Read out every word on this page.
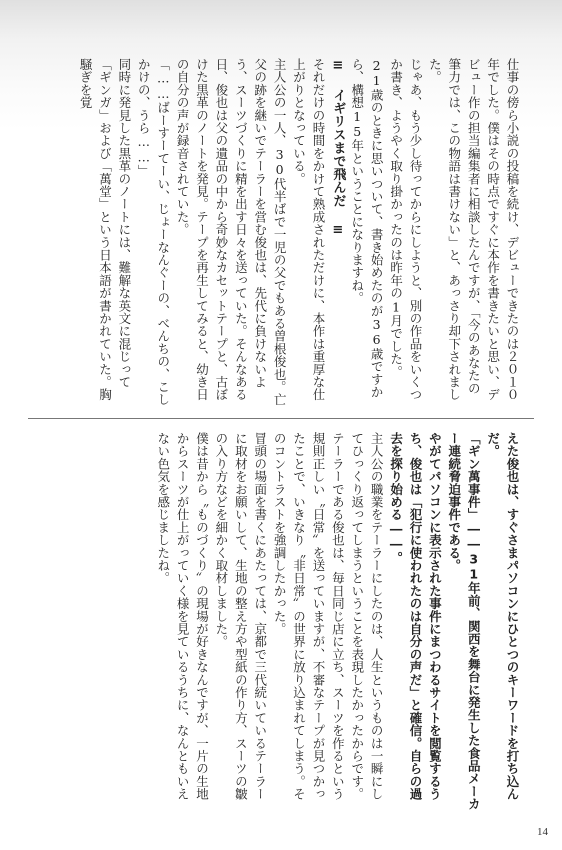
仕事の傍ら小説の投稿を続け、デビューできたのは２０１０年でした。僕はその時点ですぐに本作を書きたいと思い、デビュー作の担当編集者に相談したんですが、「今のあなたの筆力では、この物語は書けない」と、あっさり却下されました。

じゃあ、もう少し待ってからにしようと、別の作品をいくつか書き、ようやく取り掛かったのは昨年の1月でした。21歳のときに思いついて、書き始めたのが36歳ですから、構想15年ということになりますね。

≡ イギリスまで飛んだ ≡

それだけの時間をかけて熟成されただけに、本作は重厚な仕上がりとなっている。

主人公の一人、30代半ばで一児の父でもある曽根俊也。亡父の跡を継いでテーラーを営む俊也は、先代に負けないよう、スーツづくりに精を出す日々を送っていた。そんなある日、俊也は父の遺品の中から奇妙なカセットテープと、古ぼけた黒革のノートを発見。テープを再生してみると、幼き日の自分の声が録音されていた。

「……ばーすーてーい、じょーなんぐーの、べんちの、こしかけの、うら……」

同時に発見した黒革のノートには、難解な英文に混じって「ギンガ」および「萬堂」という日本語が書かれていた。胸騒ぎを覚

えた俊也は、すぐさまパソコンにひとつのキーワードを打ち込んだ。

「ギン萬事件」――31年前、関西を舞台に発生した食品メーカー連続脅迫事件である。

やがてパソコンに表示された事件にまつわるサイトを閲覧するうち、俊也は「犯行に使われたのは自分の声だ」と確信。自らの過去を探り始める――。

主人公の職業をテーラーにしたのは、人生というものは一瞬にしてひっくり返ってしまうということを表現したかったからです。

テーラーである俊也は、毎日同じ店に立ち、スーツを作るという規則正しい〝日常〟を送っていますが、不審なテープが見つかったことで、いきなり〝非日常〟の世界に放り込まれてしまう。そのコントラストを強調したかった。

冒頭の場面を書くにあたっては、京都で三代続いているテーラーに取材をお願いして、生地の整え方や型紙の作り方、スーツの皺の入り方などを細かく取材しました。

僕は昔から〝ものづくり〟の現場が好きなんですが、一片の生地からスーツが仕上がっていく様を見ているうちに、なんともいえない色気を感じましたね。

14
